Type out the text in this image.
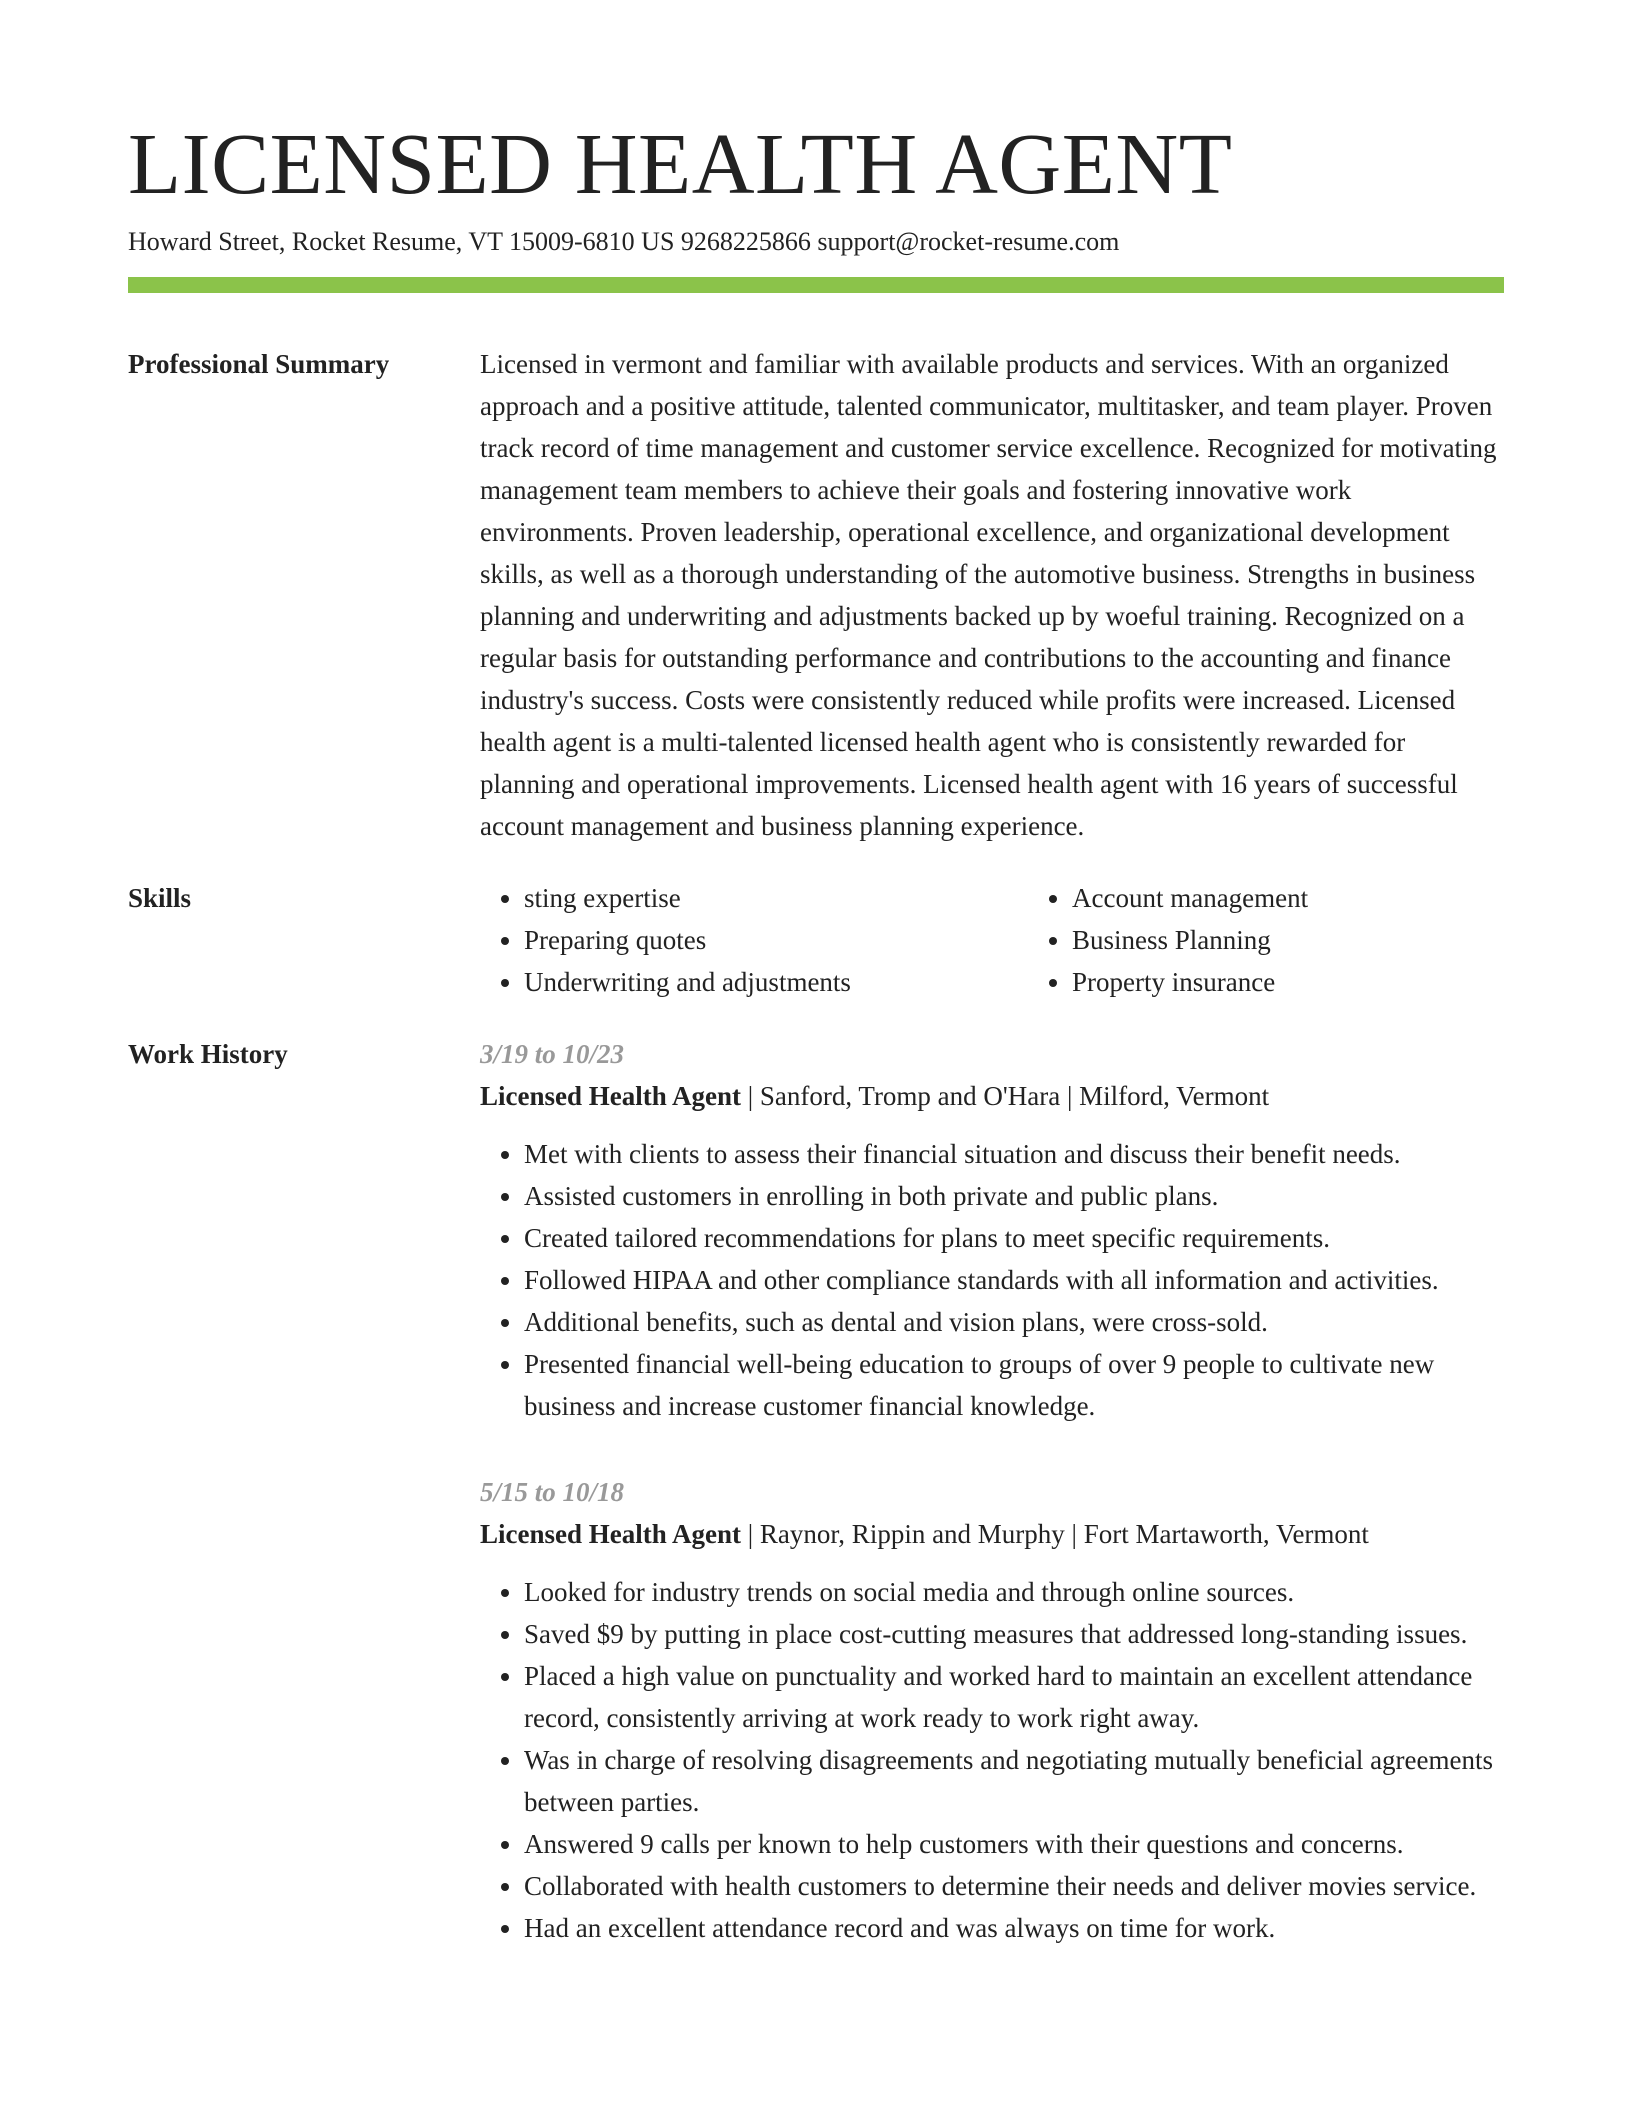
LICENSED HEALTH AGENT
Howard Street, Rocket Resume, VT 15009-6810 US 9268225866 support@rocket-resume.com
Professional Summary	Licensed in vermont and familiar with available products and services. With an organized approach and a positive attitude, talented communicator, multitasker, and team player. Proven track record of time management and customer service excellence. Recognized for motivating management team members to achieve their goals and fostering innovative work environments. Proven leadership, operational excellence, and organizational development skills, as well as a thorough understanding of the automotive business. Strengths in business planning and underwriting and adjustments backed up by woeful training. Recognized on a regular basis for outstanding performance and contributions to the accounting and finance industry's success. Costs were consistently reduced while profits were increased. Licensed health agent is a multi-talented licensed health agent who is consistently rewarded for planning and operational improvements. Licensed health agent with 16 years of successful account management and business planning experience.
Skills
•	sting expertise
• Preparing quotes
• Underwriting and adjustments
• Account management
• Business Planning
• Property insurance
Work History	3/19 to 10/23
Licensed Health Agent | Sanford, Tromp and O'Hara | Milford, Vermont
• Met with clients to assess their financial situation and discuss their benefit needs.
• Assisted customers in enrolling in both private and public plans.
• Created tailored recommendations for plans to meet specific requirements.
• Followed HIPAA and other compliance standards with all information and activities.
• Additional benefits, such as dental and vision plans, were cross-sold.
• Presented financial well-being education to groups of over 9 people to cultivate new business and increase customer financial knowledge.
5/15 to 10/18
Licensed Health Agent | Raynor, Rippin and Murphy | Fort Martaworth, Vermont
• Looked for industry trends on social media and through online sources.
• Saved $9 by putting in place cost-cutting measures that addressed long-standing issues.
• Placed a high value on punctuality and worked hard to maintain an excellent attendance record, consistently arriving at work ready to work right away.
• Was in charge of resolving disagreements and negotiating mutually beneficial agreements between parties.
• Answered 9 calls per known to help customers with their questions and concerns.
• Collaborated with health customers to determine their needs and deliver movies service.
• Had an excellent attendance record and was always on time for work.
